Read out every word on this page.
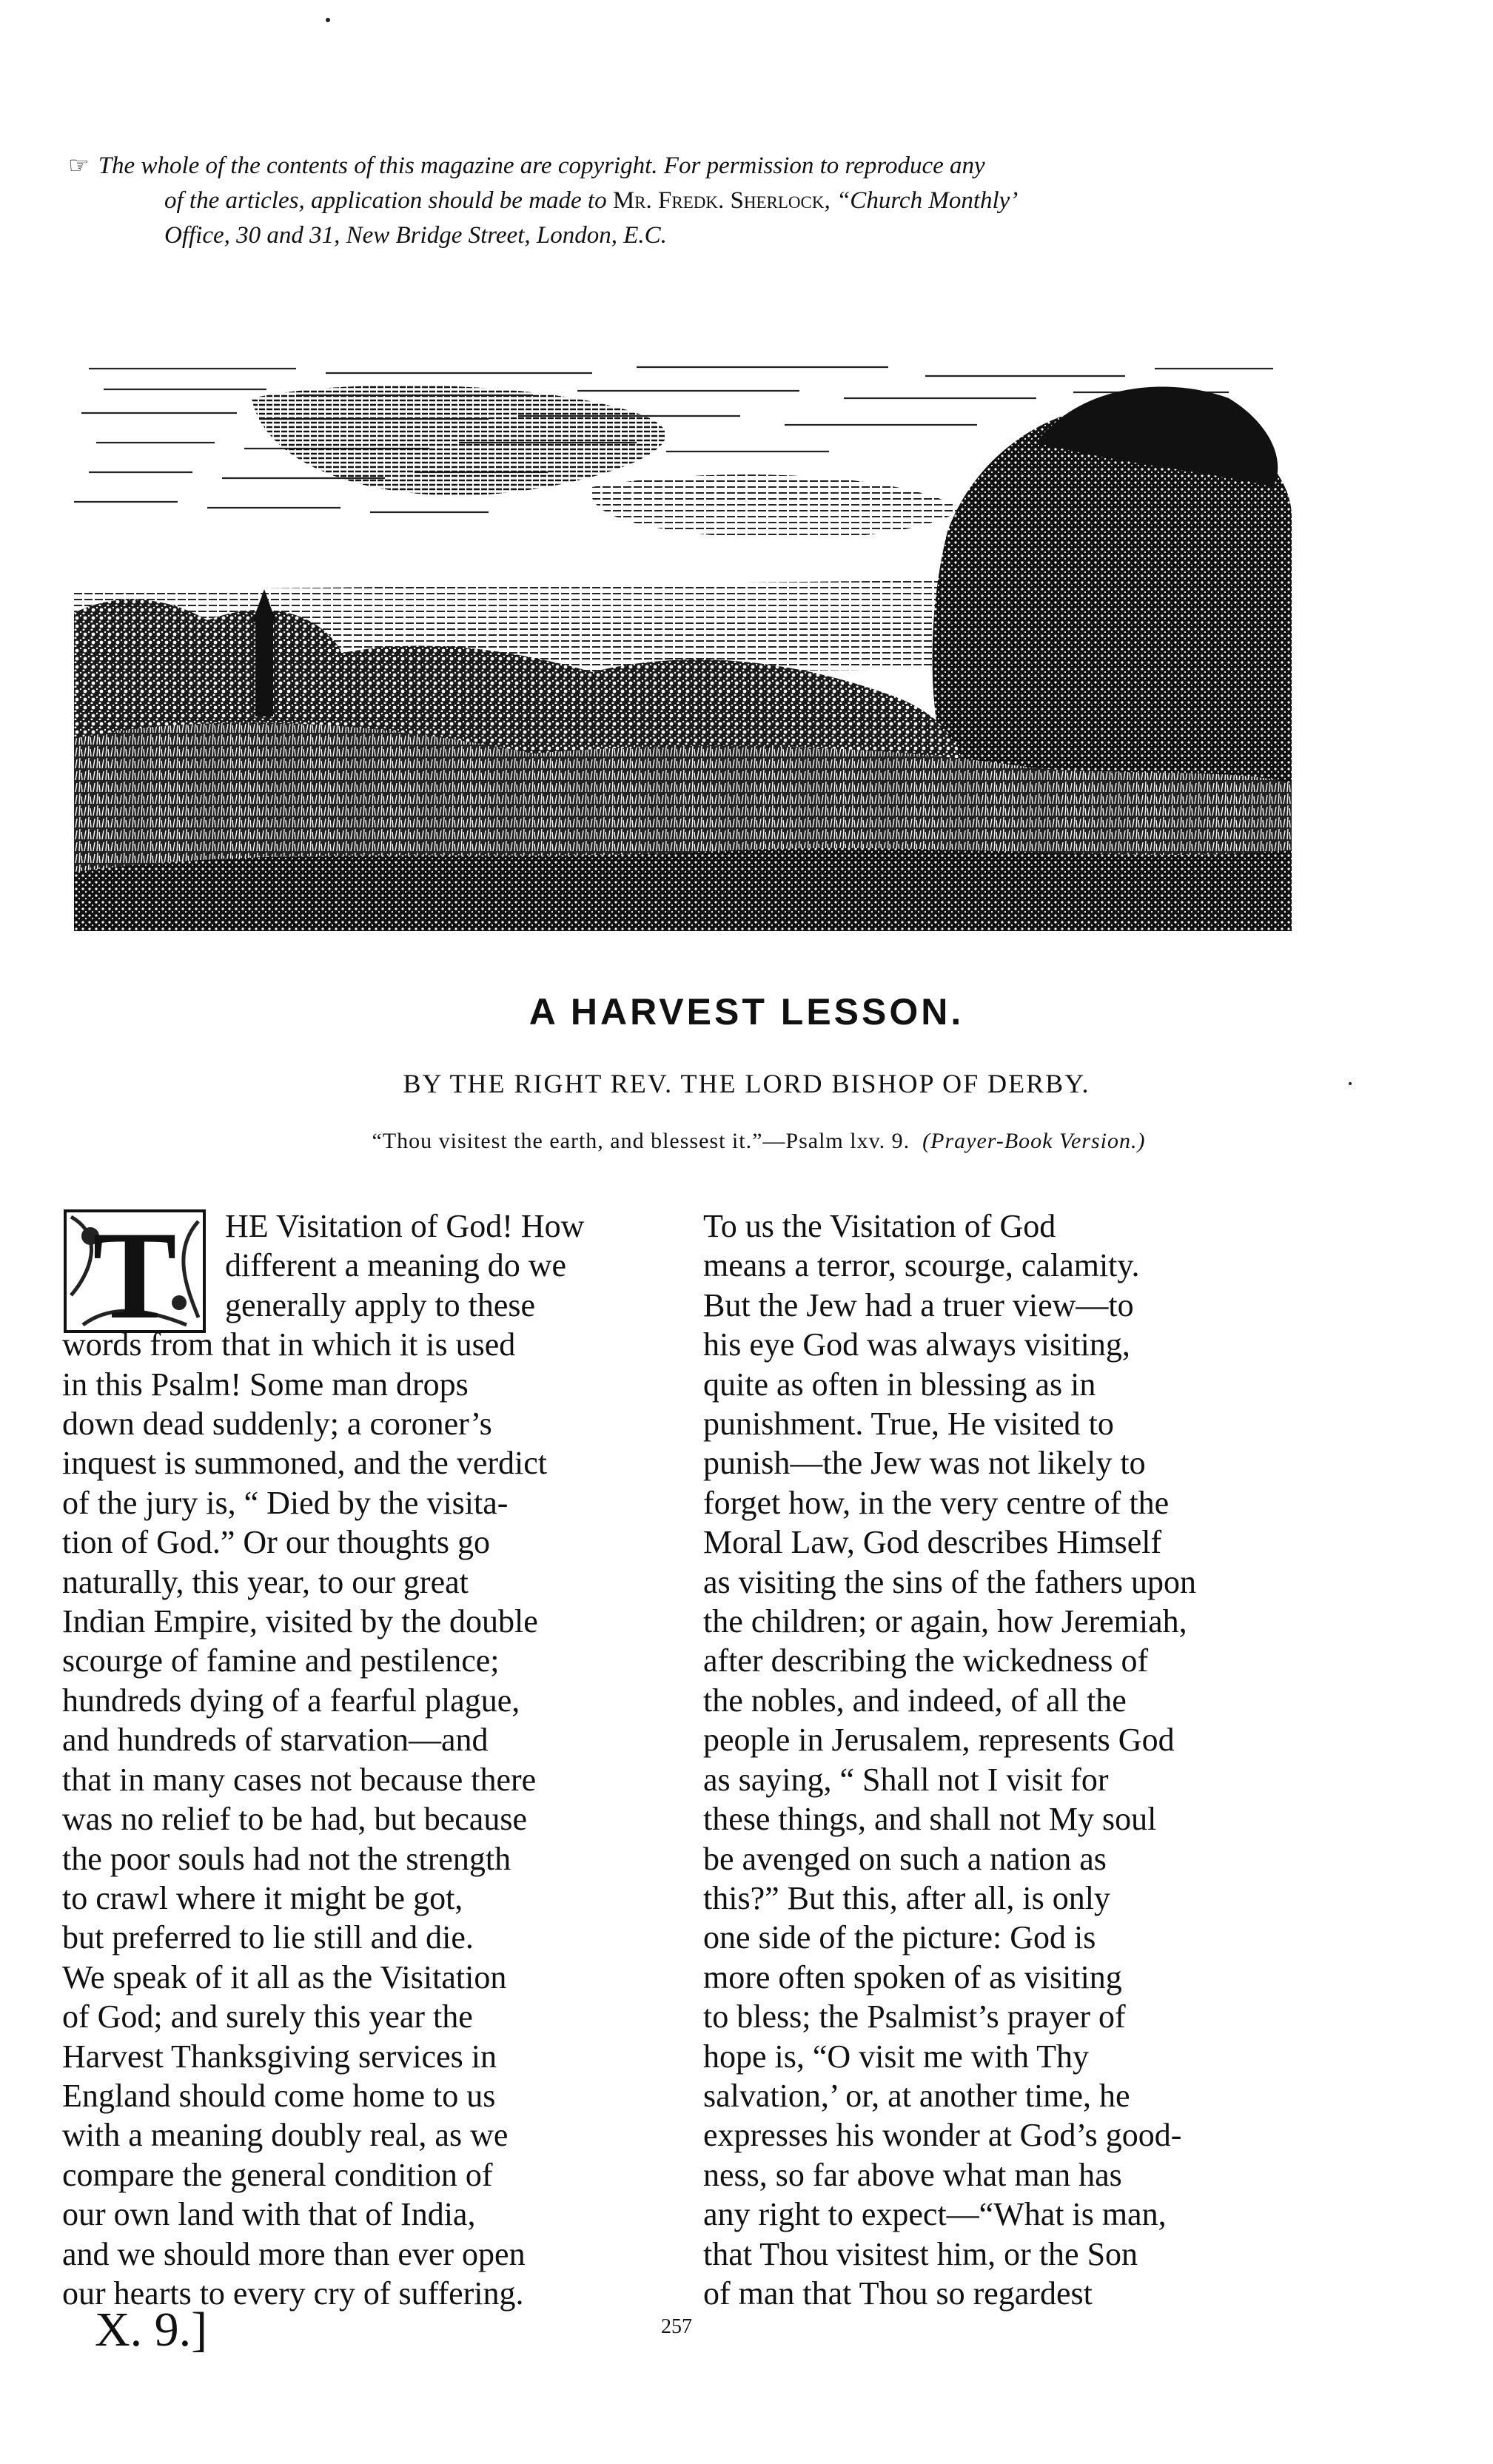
☞ The whole of the contents of this magazine are copyright. For permission to reproduce any
of the articles, application should be made to Mr. Fredk. Sherlock, “Church Monthly’
Office, 30 and 31, New Bridge Street, London, E.C.
A HARVEST LESSON.
BY THE RIGHT REV. THE LORD BISHOP OF DERBY.
“Thou visitest the earth, and blessest it.”—Psalm lxv. 9. (Prayer-Book Version.)
T	HE Visitation of God! How
different a meaning do we
generally apply to these
words from that in which it is used
in this Psalm! Some man drops
down dead suddenly; a coroner’s
inquest is summoned, and the verdict
of the jury is, “ Died by the visita-
tion of God.” Or our thoughts go
naturally, this year, to our great
Indian Empire, visited by the double
scourge of famine and pestilence;
hundreds dying of a fearful plague,
and hundreds of starvation—and
that in many cases not because there
was no relief to be had, but because
the poor souls had not the strength
to crawl where it might be got,
but preferred to lie still and die.
We speak of it all as the Visitation
of God; and surely this year the
Harvest Thanksgiving services in
England should come home to us
with a meaning doubly real, as we
compare the general condition of
our own land with that of India,
and we should more than ever open
our hearts to every cry of suffering.
To us the Visitation of God
means a terror, scourge, calamity.
But the Jew had a truer view—to
his eye God was always visiting,
quite as often in blessing as in
punishment. True, He visited to
punish—the Jew was not likely to
forget how, in the very centre of the
Moral Law, God describes Himself
as visiting the sins of the fathers upon
the children; or again, how Jeremiah,
after describing the wickedness of
the nobles, and indeed, of all the
people in Jerusalem, represents God
as saying, “ Shall not I visit for
these things, and shall not My soul
be avenged on such a nation as
this?” But this, after all, is only
one side of the picture: God is
more often spoken of as visiting
to bless; the Psalmist’s prayer of
hope is, “O visit me with Thy
salvation,’ or, at another time, he
expresses his wonder at God’s good-
ness, so far above what man has
any right to expect—“What is man,
that Thou visitest him, or the Son
of man that Thou so regardest
X. 9.]	257
